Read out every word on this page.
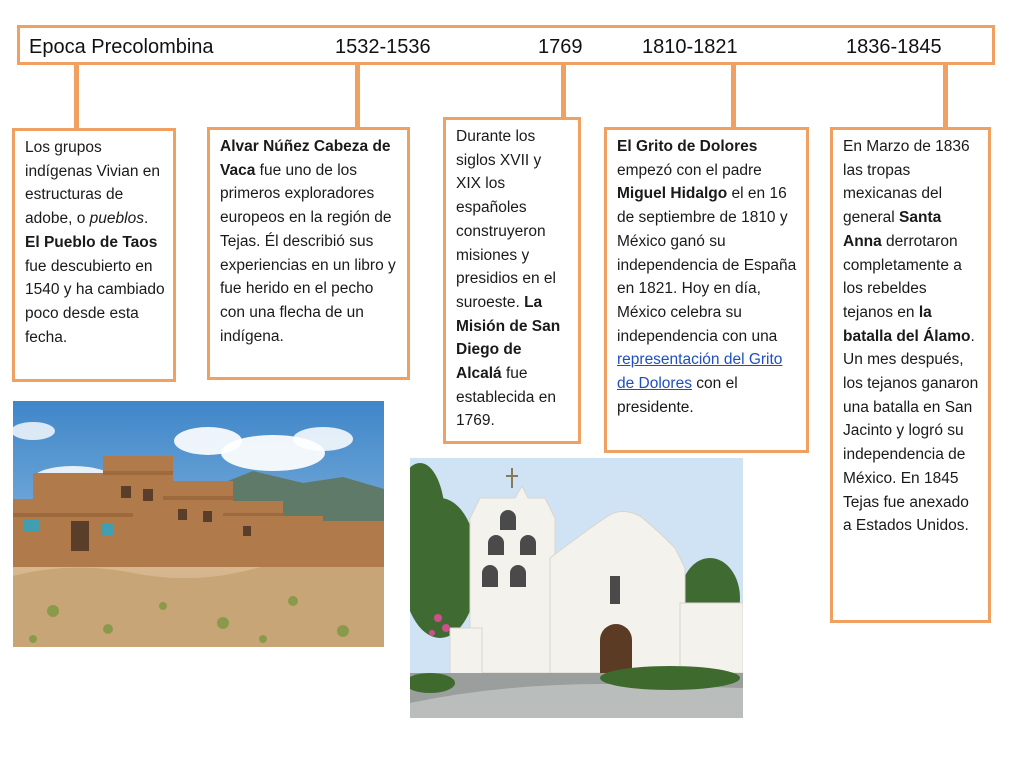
Epoca Precolombina	1532-1536	1769	1810-1821	1836-1845

Los grupos indígenas Vivian en estructuras de adobe, o pueblos. El Pueblo de Taos fue descubierto en 1540 y ha cambiado poco desde esta fecha.

Alvar Núñez Cabeza de Vaca fue uno de los primeros exploradores europeos en la región de Tejas. Él describió sus experiencias en un libro y fue herido en el pecho con una flecha de un indígena.

Durante los siglos XVII y XIX los españoles construyeron misiones y presidios en el suroeste. La Misión de San Diego de Alcalá fue establecida en 1769.

El Grito de Dolores empezó con el padre Miguel Hidalgo el en 16 de septiembre de 1810 y México ganó su independencia de España en 1821. Hoy en día, México celebra su independencia con una representación del Grito de Dolores con el presidente.

En Marzo de 1836 las tropas mexicanas del general Santa Anna derrotaron completamente a los rebeldes tejanos en la batalla del Álamo. Un mes después, los tejanos ganaron una batalla en San Jacinto y logró su independencia de México. En 1845 Tejas fue anexado a Estados Unidos.
